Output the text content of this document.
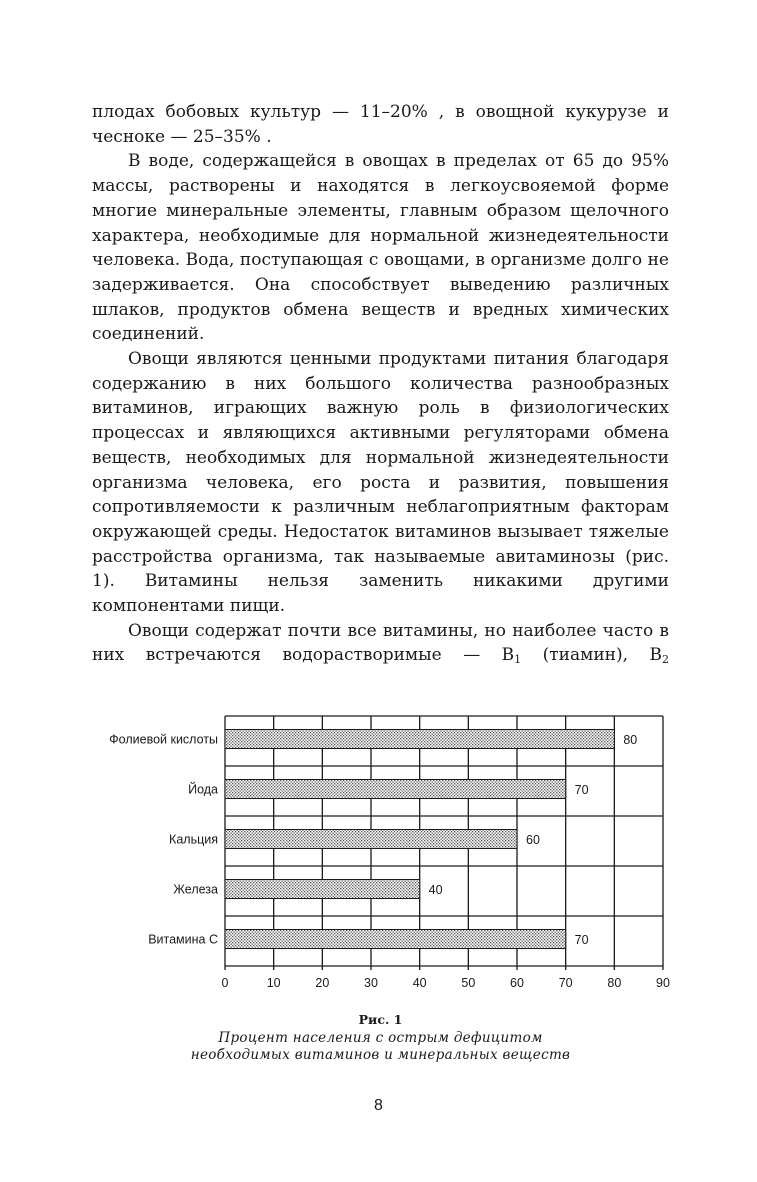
плодах бобовых культур — 11–20% , в овощной кукурузе и чесноке — 25–35% .

В воде, содержащейся в овощах в пределах от 65 до 95% массы, растворены и находятся в легкоусвояемой форме многие минеральные элементы, главным образом щелочного характера, необходимые для нормальной жизнедеятельности человека. Вода, поступающая с овощами, в организме долго не задерживается. Она способствует выведению различных шлаков, продуктов обмена веществ и вредных химических соединений.

Овощи являются ценными продуктами питания благодаря содержанию в них большого количества разнообразных витаминов, играющих важную роль в физиологических процессах и являющихся активными регуляторами обмена веществ, необходимых для нормальной жизнедеятельности организма человека, его роста и развития, повышения сопротивляемости к различным неблагоприятным факторам окружающей среды. Недостаток витаминов вызывает тяжелые расстройства организма, так называемые авитаминозы (рис. 1). Витамины нельзя заменить никакими другими компонентами пищи.

Овощи содержат почти все витамины, но наиболее часто в них встречаются водорастворимые — $B_1$ (тиамин), $B_2$

0	10	20	30	40	50	60	70	80	90
Фолиевой кислоты	80
Йода	70
Кальция	60
Железа	40
Витамина С	70
Рис. 1
Процент населения с острым дефицитом
необходимых витаминов и минеральных веществ
8
